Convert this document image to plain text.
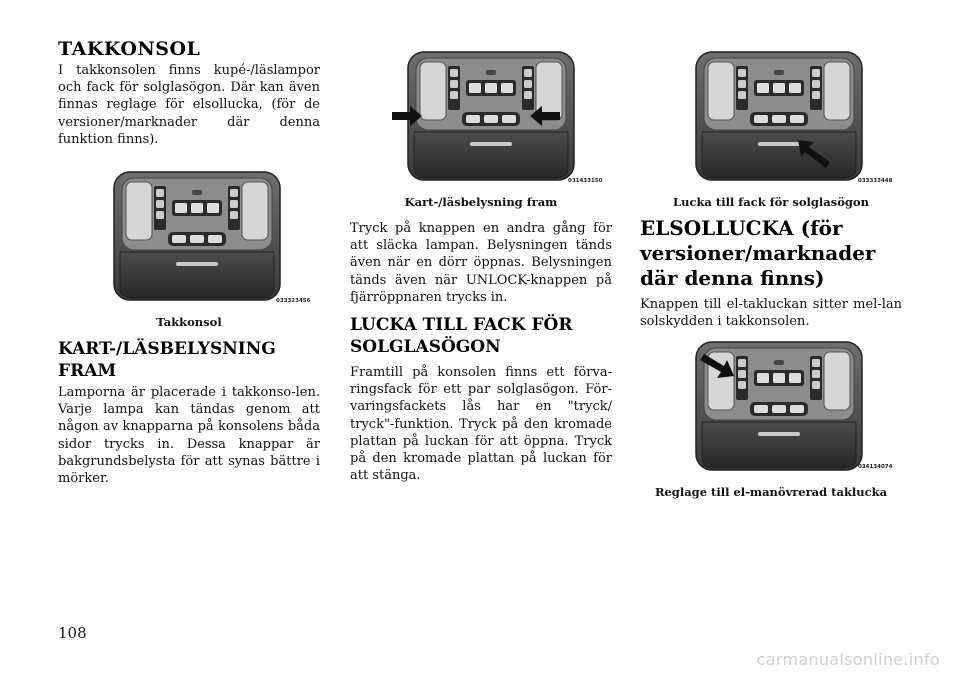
TAKKONSOL

I takkonsolen finns kupé-/läslampor och fack för solglasögon. Där kan även finnas reglage för elsollucka, (för de versioner/marknader där denna funktion finns).

033323456

Takkonsol

KART-/LÄSBELYSNING FRAM

Lamporna är placerade i takkonso-len. Varje lampa kan tändas genom att någon av knapparna på konsolens båda sidor trycks in. Dessa knappar är bakgrundsbelysta för att synas bättre i mörker.

031433150

Kart-/läsbelysning fram

Tryck på knappen en andra gång för att släcka lampan. Belysningen tänds även när en dörr öppnas. Belysningen tänds även när UNLOCK-knappen på fjärröppnaren trycks in.

LUCKA TILL FACK FÖR SOLGLASÖGON

Framtill på konsolen finns ett förva-ringsfack för ett par solglasögon. För-varingsfackets lås har en "tryck/ tryck"-funktion. Tryck på den kromade plattan på luckan för att öppna. Tryck på den kromade plattan på luckan för att stänga.

033333448

Lucka till fack för solglasögon

ELSOLLUCKA (för versioner/marknader där denna finns)

Knappen till el-takluckan sitter mel-lan solskydden i takkonsolen.

034134074

Reglage till el-manövrerad taklucka

108
carmanualsonline.info
